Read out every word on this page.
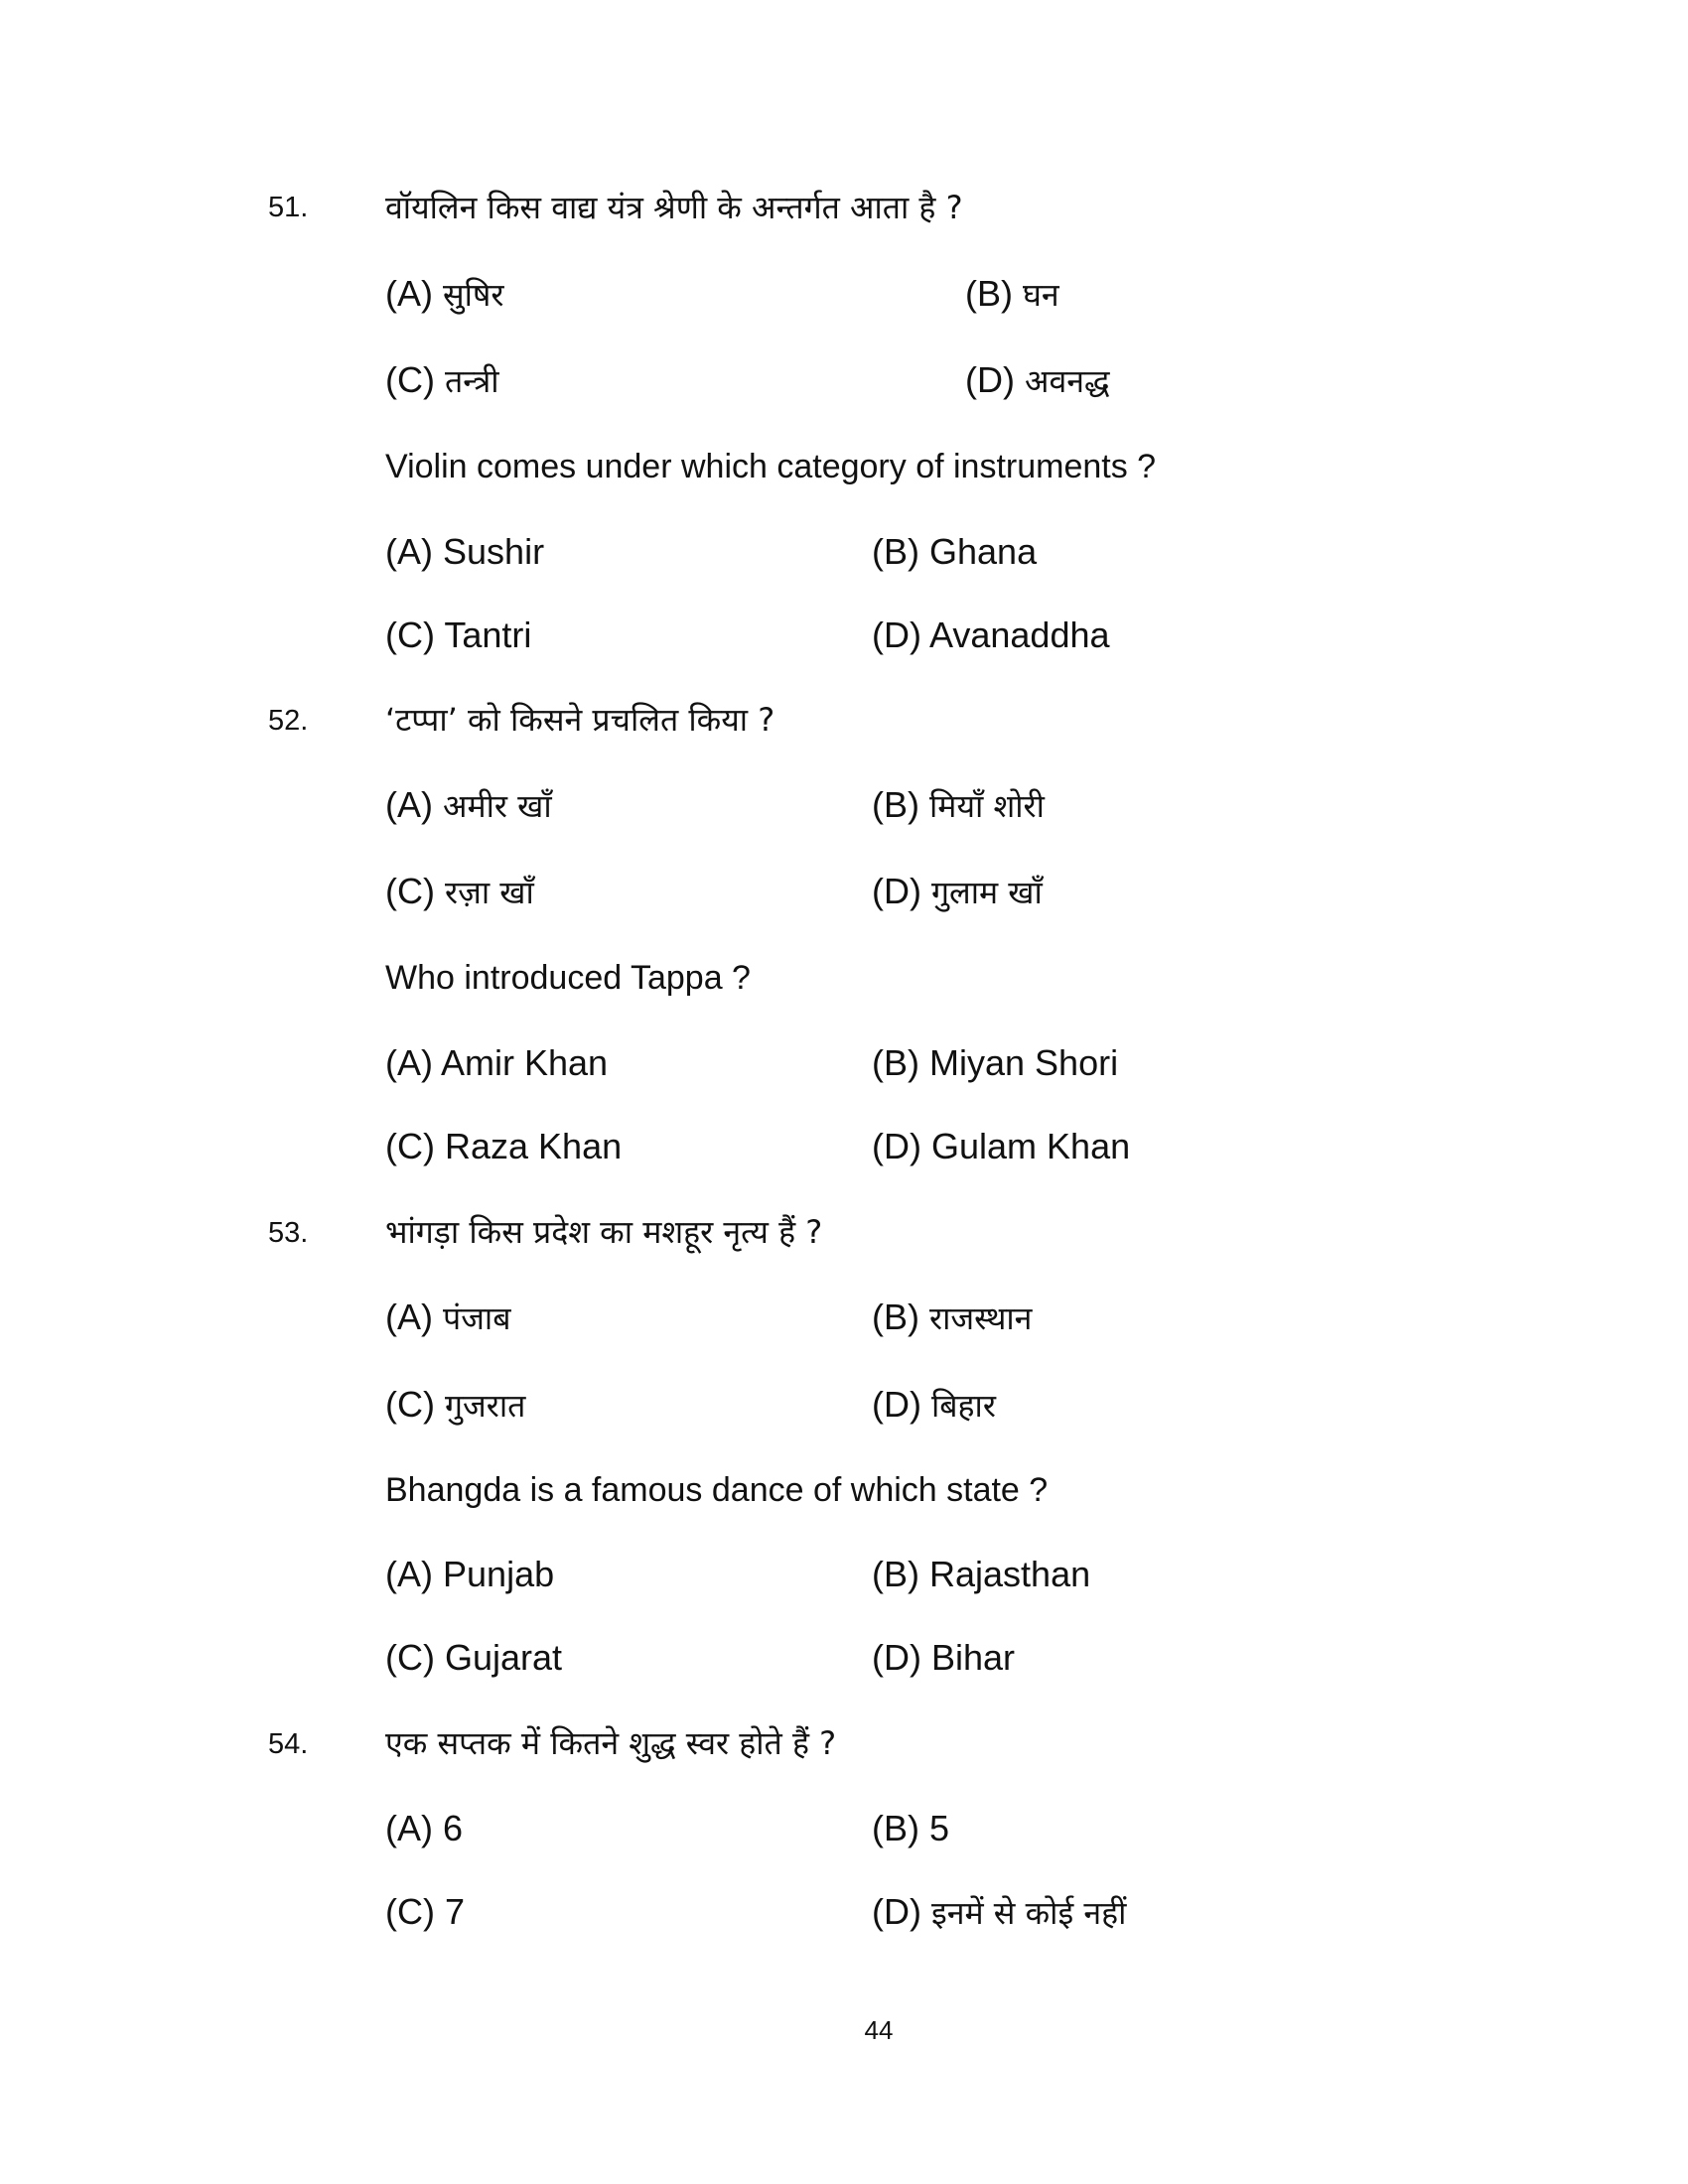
51. वॉयलिन किस वाद्य यंत्र श्रेणी के अन्तर्गत आता है ?
(A) सुषिर	(B) घन
(C) तन्त्री	(D) अवनद्ध
Violin comes under which category of instruments ?
(A) Sushir	(B) Ghana
(C) Tantri	(D) Avanaddha
52. ‘टप्पा’ को किसने प्रचलित किया ?
(A) अमीर खाँ	(B) मियाँ शोरी
(C) रज़ा खाँ	(D) गुलाम खाँ
Who introduced Tappa ?
(A) Amir Khan	(B) Miyan Shori
(C) Raza Khan	(D) Gulam Khan
53. भांगड़ा किस प्रदेश का मशहूर नृत्य हैं ?
(A) पंजाब	(B) राजस्थान
(C) गुजरात	(D) बिहार
Bhangda is a famous dance of which state ?
(A) Punjab	(B) Rajasthan
(C) Gujarat	(D) Bihar
54. एक सप्तक में कितने शुद्ध स्वर होते हैं ?
(A) 6	(B) 5
(C) 7	(D) इनमें से कोई नहीं
44
